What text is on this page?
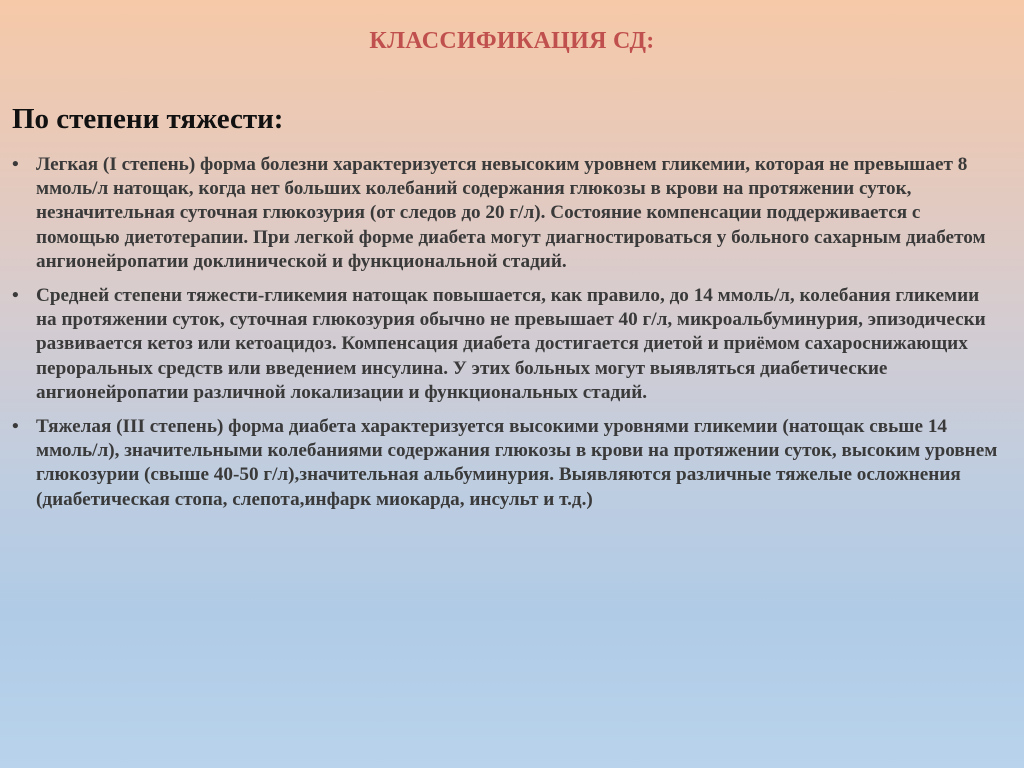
КЛАССИФИКАЦИЯ СД:
По степени тяжести:
• Легкая (I степень) форма болезни характеризуется невысоким уровнем гликемии, которая не превышает 8 ммоль/л натощак, когда нет больших колебаний содержания глюкозы в крови на протяжении суток, незначительная суточная глюкозурия (от следов до 20 г/л). Состояние компенсации поддерживается с помощью диетотерапии. При легкой форме диабета могут диагностироваться у больного сахарным диабетом ангионейропатии доклинической и функциональной стадий.
• Средней степени тяжести-гликемия натощак повышается, как правило, до 14 ммоль/л, колебания гликемии на протяжении суток, суточная глюкозурия обычно не превышает 40 г/л, микроальбуминурия, эпизодически развивается кетоз или кетоацидоз. Компенсация диабета достигается диетой и приёмом сахароснижающих пероральных средств или введением инсулина. У этих больных могут выявляться диабетические ангионейропатии различной локализации и функциональных стадий.
• Тяжелая (III степень) форма диабета характеризуется высокими уровнями гликемии (натощак свьше 14 ммоль/л), значительными колебаниями содержания глюкозы в крови на протяжении суток, высоким уровнем глюкозурии (свыше 40-50 г/л),значительная альбуминурия. Выявляются различные тяжелые осложнения (диабетическая стопа, слепота,инфарк миокарда, инсульт и т.д.)
